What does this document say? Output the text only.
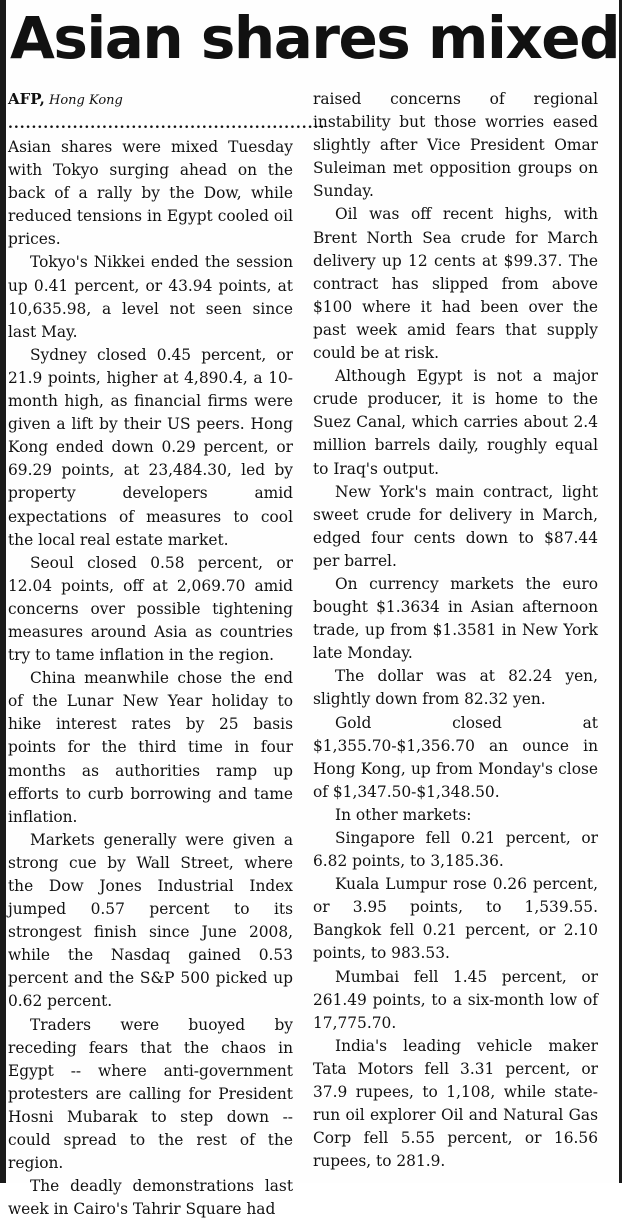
Asian shares mixed
AFP, Hong Kong
......................................................

Asian shares were mixed Tuesday with Tokyo surging ahead on the back of a rally by the Dow, while reduced tensions in Egypt cooled oil prices.

Tokyo's Nikkei ended the session up 0.41 percent, or 43.94 points, at 10,635.98, a level not seen since last May.

Sydney closed 0.45 percent, or 21.9 points, higher at 4,890.4, a 10-month high, as financial firms were given a lift by their US peers. Hong Kong ended down 0.29 percent, or 69.29 points, at 23,484.30, led by property developers amid expectations of measures to cool the local real estate market.

Seoul closed 0.58 percent, or 12.04 points, off at 2,069.70 amid concerns over possible tightening measures around Asia as countries try to tame inflation in the region.

China meanwhile chose the end of the Lunar New Year holiday to hike interest rates by 25 basis points for the third time in four months as authorities ramp up efforts to curb borrowing and tame inflation.

Markets generally were given a strong cue by Wall Street, where the Dow Jones Industrial Index jumped 0.57 percent to its strongest finish since June 2008, while the Nasdaq gained 0.53 percent and the S&P 500 picked up 0.62 percent.

Traders were buoyed by receding fears that the chaos in Egypt -- where anti-government protesters are calling for President Hosni Mubarak to step down -- could spread to the rest of the region.

The deadly demonstrations last week in Cairo's Tahrir Square had

raised concerns of regional instability but those worries eased slightly after Vice President Omar Suleiman met opposition groups on Sunday.

Oil was off recent highs, with Brent North Sea crude for March delivery up 12 cents at $99.37. The contract has slipped from above $100 where it had been over the past week amid fears that supply could be at risk.

Although Egypt is not a major crude producer, it is home to the Suez Canal, which carries about 2.4 million barrels daily, roughly equal to Iraq's output.

New York's main contract, light sweet crude for delivery in March, edged four cents down to $87.44 per barrel.

On currency markets the euro bought $1.3634 in Asian afternoon trade, up from $1.3581 in New York late Monday.

The dollar was at 82.24 yen, slightly down from 82.32 yen.

Gold closed at $1,355.70-$1,356.70 an ounce in Hong Kong, up from Monday's close of $1,347.50-$1,348.50.

In other markets:

Singapore fell 0.21 percent, or 6.82 points, to 3,185.36.

Kuala Lumpur rose 0.26 percent, or 3.95 points, to 1,539.55. Bangkok fell 0.21 percent, or 2.10 points, to 983.53.

Mumbai fell 1.45 percent, or 261.49 points, to a six-month low of 17,775.70.

India's leading vehicle maker Tata Motors fell 3.31 percent, or 37.9 rupees, to 1,108, while state-run oil explorer Oil and Natural Gas Corp fell 5.55 percent, or 16.56 rupees, to 281.9.
